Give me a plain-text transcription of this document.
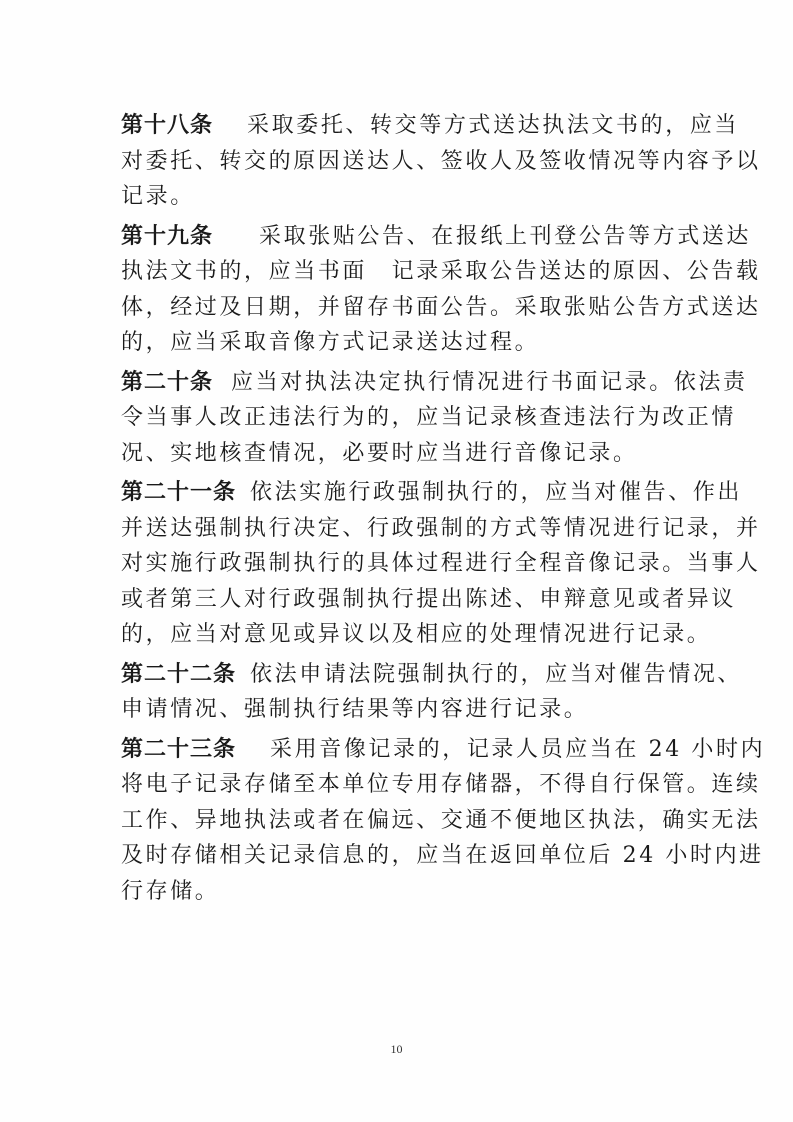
第十八条 采取委托、转交等方式送达执法文书的，应当
对委托、转交的原因送达人、签收人及签收情况等内容予以
记录。
第十九条 采取张贴公告、在报纸上刊登公告等方式送达
执法文书的，应当书面　记录采取公告送达的原因、公告载
体，经过及日期，并留存书面公告。采取张贴公告方式送达
的，应当采取音像方式记录送达过程。
第二十条 应当对执法决定执行情况进行书面记录。依法责
令当事人改正违法行为的，应当记录核查违法行为改正情
况、实地核查情况，必要时应当进行音像记录。
第二十一条 依法实施行政强制执行的，应当对催告、作出
并送达强制执行决定、行政强制的方式等情况进行记录，并
对实施行政强制执行的具体过程进行全程音像记录。当事人
或者第三人对行政强制执行提出陈述、申辩意见或者异议
的，应当对意见或异议以及相应的处理情况进行记录。
第二十二条 依法申请法院强制执行的，应当对催告情况、
申请情况、强制执行结果等内容进行记录。
第二十三条 采用音像记录的，记录人员应当在 24 小时内
将电子记录存储至本单位专用存储器，不得自行保管。连续
工作、异地执法或者在偏远、交通不便地区执法，确实无法
及时存储相关记录信息的，应当在返回单位后 24 小时内进
行存储。
10
